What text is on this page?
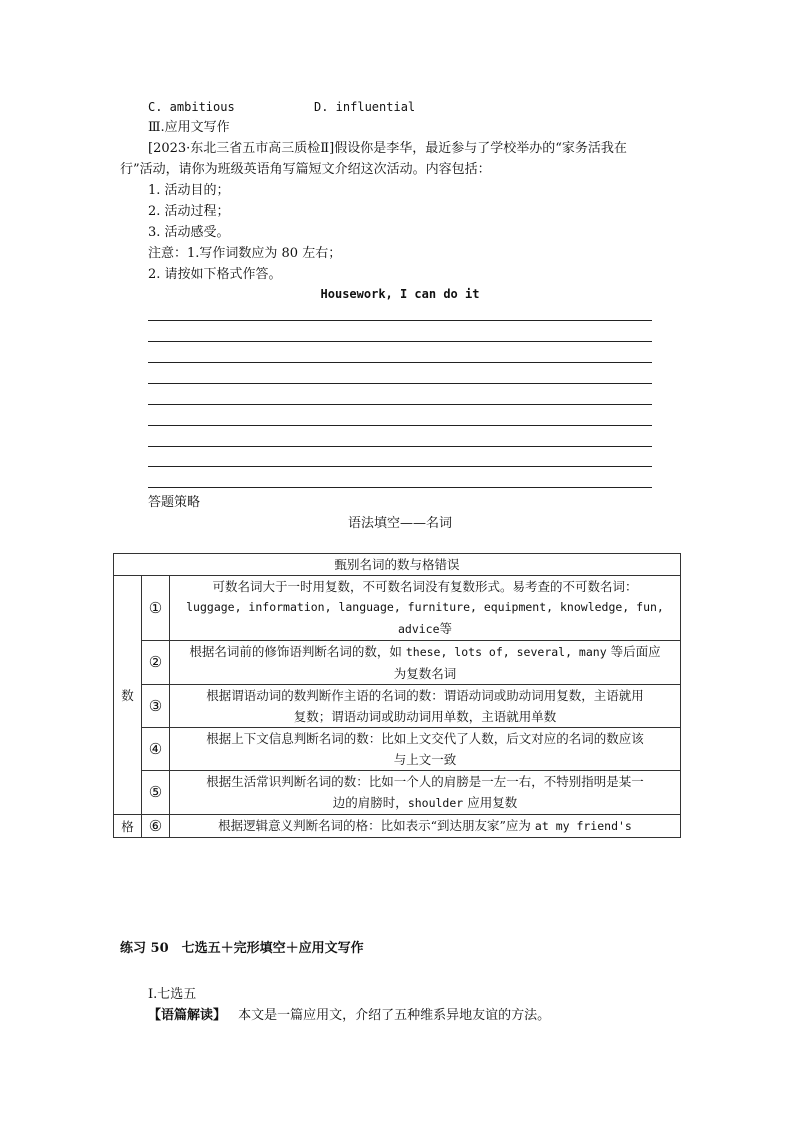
C. ambitious	D. influential
Ⅲ.应用文写作
[2023·东北三省五市高三质检Ⅱ]假设你是李华，最近参与了学校举办的“家务活我在
行”活动，请你为班级英语角写篇短文介绍这次活动。内容包括：
1. 活动目的；
2. 活动过程；
3. 活动感受。
注意：1.写作词数应为 80 左右；
2. 请按如下格式作答。
Housework, I can do it
答题策略
语法填空——名词
甄别名词的数与格错误		
数	①	可数名词大于一时用复数，不可数名词没有复数形式。易考查的不可数名词：
luggage, information, language, furniture, equipment, knowledge, fun,
advice等

	②	根据名词前的修饰语判断名词的数，如 these, lots of, several, many 等后面应
为复数名词

	③	根据谓语动词的数判断作主语的名词的数：谓语动词或助动词用复数，主语就用
复数；谓语动词或助动词用单数，主语就用单数

	④	根据上下文信息判断名词的数：比如上文交代了人数，后文对应的名词的数应该
与上文一致

	⑤	根据生活常识判断名词的数：比如一个人的肩膀是一左一右，不特别指明是某一
边的肩膀时，shoulder 应用复数

格	⑥	根据逻辑意义判断名词的格：比如表示“到达朋友家”应为 at my friend's
练习 50　七选五＋完形填空＋应用文写作
Ⅰ.七选五
【语篇解读】 本文是一篇应用文，介绍了五种维系异地友谊的方法。
